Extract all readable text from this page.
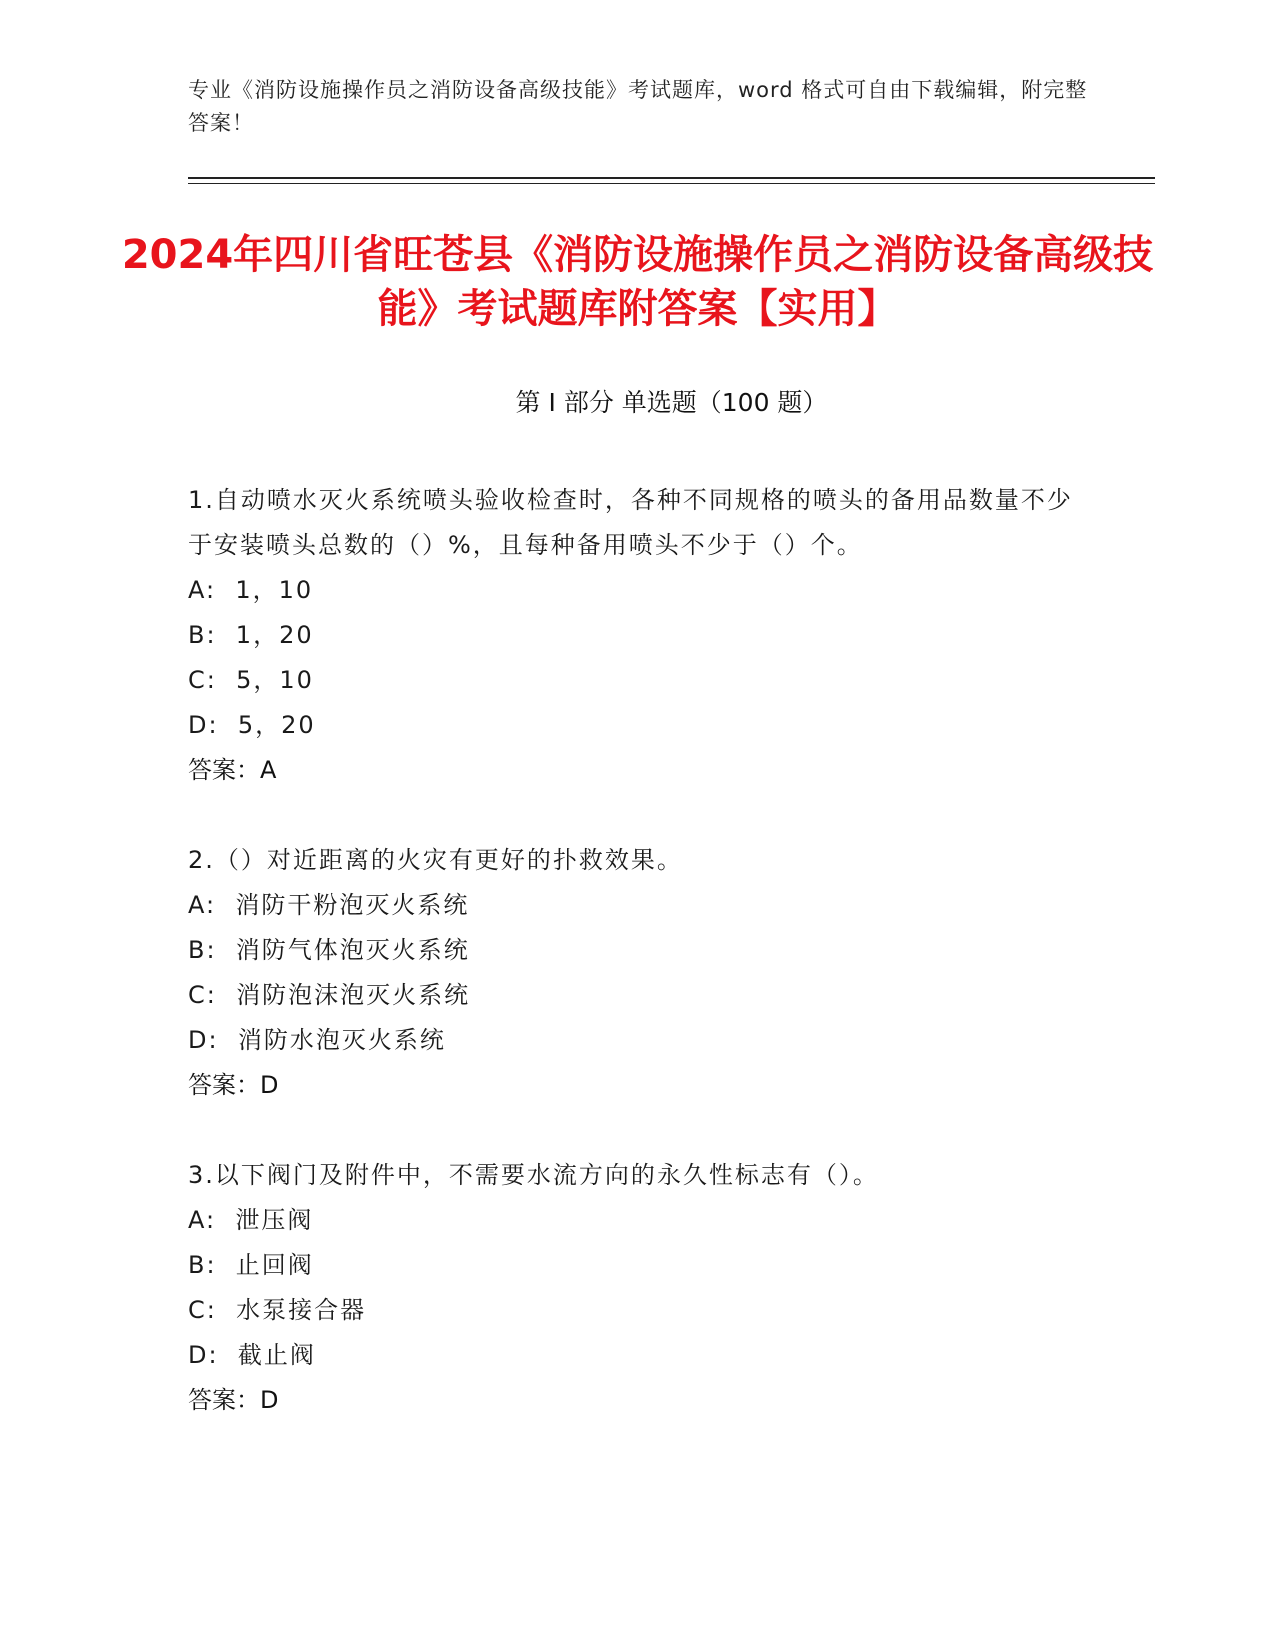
专业《消防设施操作员之消防设备高级技能》考试题库，word 格式可自由下载编辑，附完整答案！
2024年四川省旺苍县《消防设施操作员之消防设备高级技能》考试题库附答案【实用】
第 I 部分 单选题（100 题）
1.自动喷水灭火系统喷头验收检查时，各种不同规格的喷头的备用品数量不少于安装喷头总数的（）%，且每种备用喷头不少于（）个。
A:  1，10
B:  1，20
C:  5，10
D:  5，20
答案：A
2.（）对近距离的火灾有更好的扑救效果。
A:  消防干粉泡灭火系统
B:  消防气体泡灭火系统
C:  消防泡沫泡灭火系统
D:  消防水泡灭火系统
答案：D
3.以下阀门及附件中，不需要水流方向的永久性标志有（）。
A:  泄压阀
B:  止回阀
C:  水泵接合器
D:  截止阀
答案：D
